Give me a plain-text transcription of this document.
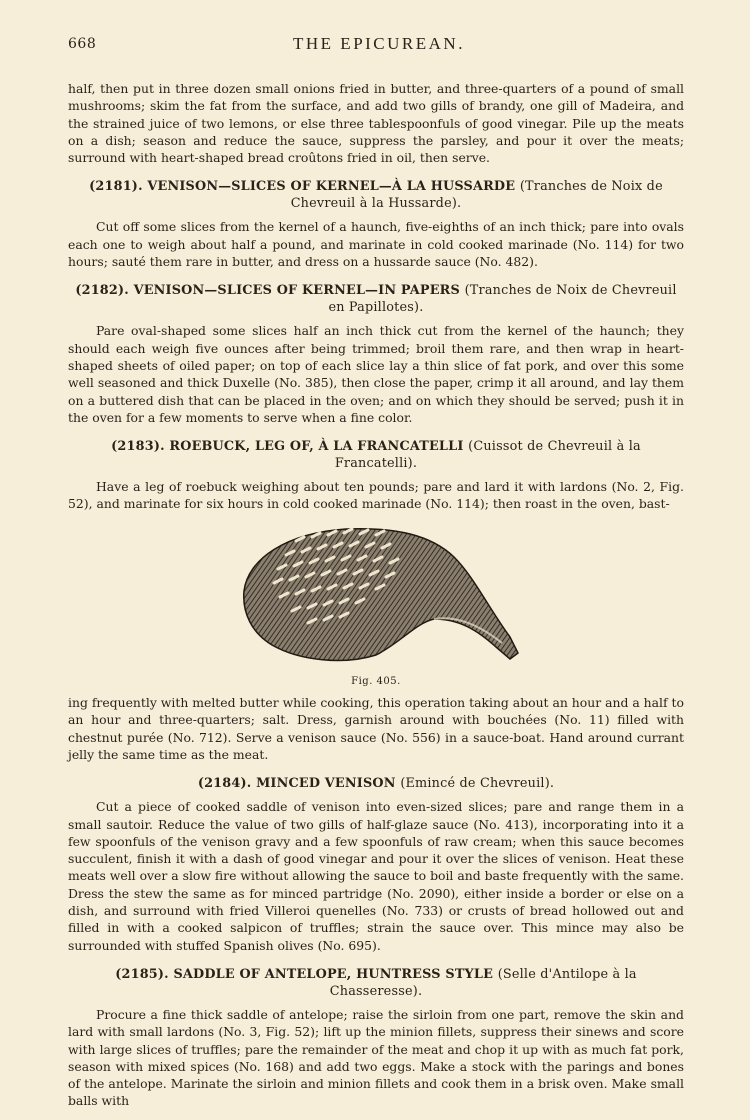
668	THE EPICUREAN.

half, then put in three dozen small onions fried in butter, and three-quarters of a pound of small mushrooms; skim the fat from the surface, and add two gills of brandy, one gill of Madeira, and the strained juice of two lemons, or else three tablespoonfuls of good vinegar. Pile up the meats on a dish; season and reduce the sauce, suppress the parsley, and pour it over the meats; surround with heart-shaped bread croûtons fried in oil, then serve.

(2181). VENISON—SLICES OF KERNEL—À LA HUSSARDE (Tranches de Noix de Chevreuil à la Hussarde).

Cut off some slices from the kernel of a haunch, five-eighths of an inch thick; pare into ovals each one to weigh about half a pound, and marinate in cold cooked marinade (No. 114) for two hours; sauté them rare in butter, and dress on a hussarde sauce (No. 482).

(2182). VENISON—SLICES OF KERNEL—IN PAPERS (Tranches de Noix de Chevreuil en Papillotes).

Pare oval-shaped some slices half an inch thick cut from the kernel of the haunch; they should each weigh five ounces after being trimmed; broil them rare, and then wrap in heart-shaped sheets of oiled paper; on top of each slice lay a thin slice of fat pork, and over this some well seasoned and thick Duxelle (No. 385), then close the paper, crimp it all around, and lay them on a buttered dish that can be placed in the oven; and on which they should be served; push it in the oven for a few moments to serve when a fine color.

(2183). ROEBUCK, LEG OF, À LA FRANCATELLI (Cuissot de Chevreuil à la Francatelli).

Have a leg of roebuck weighing about ten pounds; pare and lard it with lardons (No. 2, Fig. 52), and marinate for six hours in cold cooked marinade (No. 114); then roast in the oven, bast-

Fig. 405.

ing frequently with melted butter while cooking, this operation taking about an hour and a half to an hour and three-quarters; salt. Dress, garnish around with bouchées (No. 11) filled with chestnut purée (No. 712). Serve a venison sauce (No. 556) in a sauce-boat. Hand around currant jelly the same time as the meat.

(2184). MINCED VENISON (Emincé de Chevreuil).

Cut a piece of cooked saddle of venison into even-sized slices; pare and range them in a small sautoir. Reduce the value of two gills of half-glaze sauce (No. 413), incorporating into it a few spoonfuls of the venison gravy and a few spoonfuls of raw cream; when this sauce becomes succulent, finish it with a dash of good vinegar and pour it over the slices of venison. Heat these meats well over a slow fire without allowing the sauce to boil and baste frequently with the same. Dress the stew the same as for minced partridge (No. 2090), either inside a border or else on a dish, and surround with fried Villeroi quenelles (No. 733) or crusts of bread hollowed out and filled in with a cooked salpicon of truffles; strain the sauce over. This mince may also be surrounded with stuffed Spanish olives (No. 695).

(2185). SADDLE OF ANTELOPE, HUNTRESS STYLE (Selle d'Antilope à la Chasseresse).

Procure a fine thick saddle of antelope; raise the sirloin from one part, remove the skin and lard with small lardons (No. 3, Fig. 52); lift up the minion fillets, suppress their sinews and score with large slices of truffles; pare the remainder of the meat and chop it up with as much fat pork, season with mixed spices (No. 168) and add two eggs. Make a stock with the parings and bones of the antelope. Marinate the sirloin and minion fillets and cook them in a brisk oven. Make small balls with
